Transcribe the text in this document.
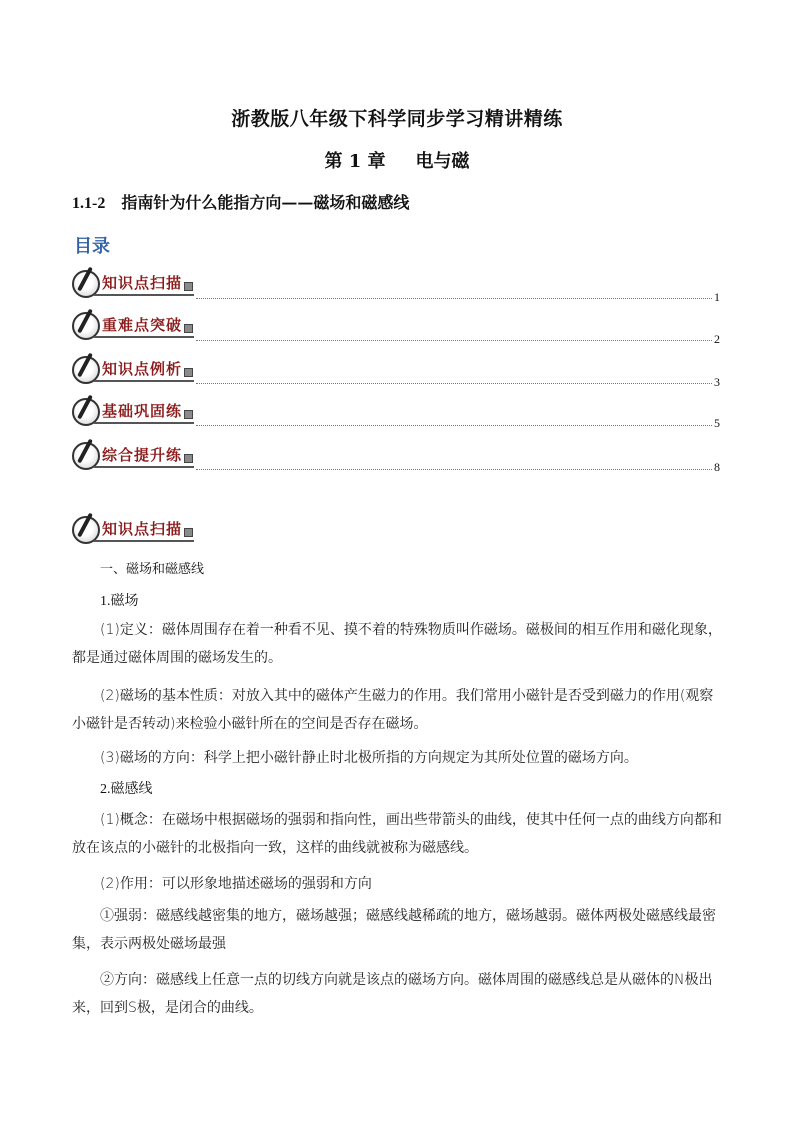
浙教版八年级下科学同步学习精讲精练
第 1 章 电与磁
1.1-2 指南针为什么能指方向——磁场和磁感线
目录
知识点扫描
1
重难点突破
2
知识点例析
3
基础巩固练
5
综合提升练
8
知识点扫描
一、磁场和磁感线
1.磁场
(1)定义：磁体周围存在着一种看不见、摸不着的特殊物质叫作磁场。磁极间的相互作用和磁化现象，都是通过磁体周围的磁场发生的。
(2)磁场的基本性质：对放入其中的磁体产生磁力的作用。我们常用小磁针是否受到磁力的作用(观察小磁针是否转动)来检验小磁针所在的空间是否存在磁场。
(3)磁场的方向：科学上把小磁针静止时北极所指的方向规定为其所处位置的磁场方向。
2.磁感线
(1)概念：在磁场中根据磁场的强弱和指向性，画出些带箭头的曲线，使其中任何一点的曲线方向都和放在该点的小磁针的北极指向一致，这样的曲线就被称为磁感线。
(2)作用：可以形象地描述磁场的强弱和方向
①强弱：磁感线越密集的地方，磁场越强；磁感线越稀疏的地方，磁场越弱。磁体两极处磁感线最密集，表示两极处磁场最强
②方向：磁感线上任意一点的切线方向就是该点的磁场方向。磁体周围的磁感线总是从磁体的N极出来，回到S极，是闭合的曲线。
